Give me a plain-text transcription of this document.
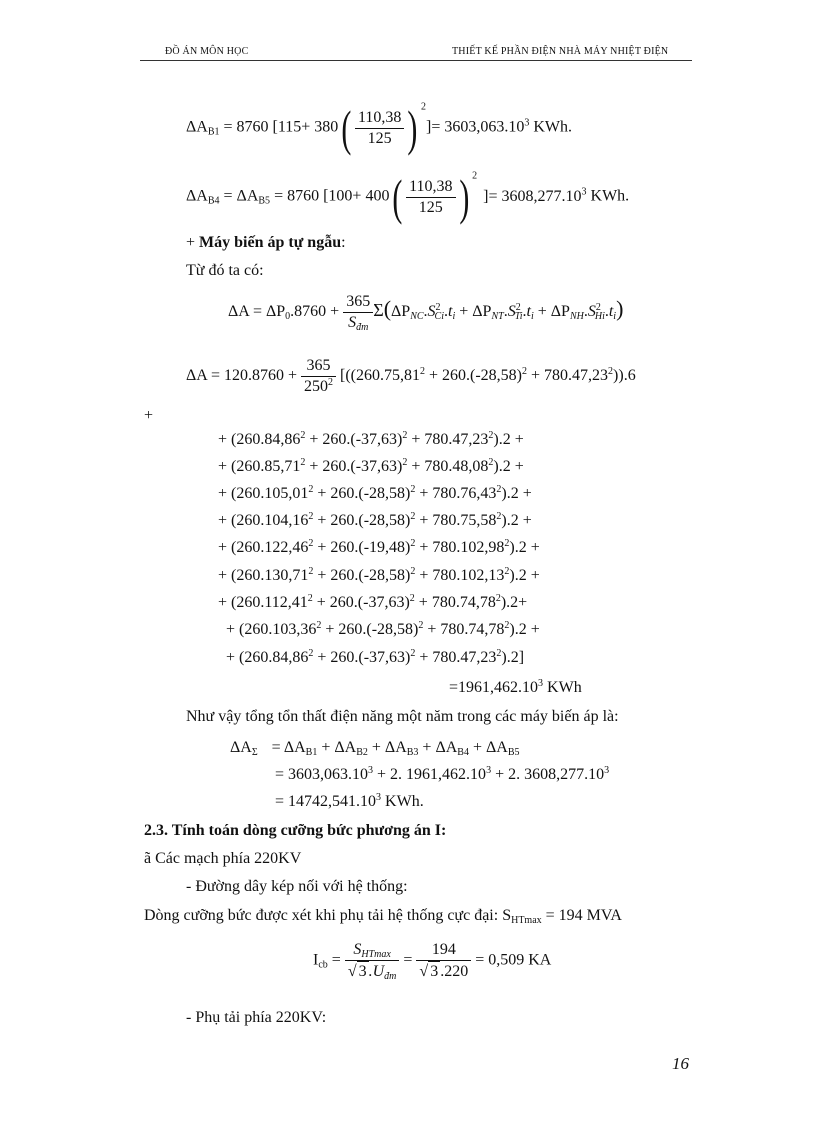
ĐỒ ÁN MÔN HỌC	THIẾT KẾ PHẦN ĐIỆN NHÀ MÁY NHIỆT ĐIỆN
$\Delta A_{B1} = 8760$ [$115+ 380( \frac{110,38}{125}$ ) $^2]= 3603,063.10^3$ KWh.
$\Delta A_{B4} = \Delta A_{B5} = 8760$ [$100+ 400( \frac{110,38}{125}$ ) $^2]= 3608,277.10^3$ KWh.
+ Máy biến áp tự ngẫu:
Từ đó ta có:
$\Delta A = \Delta P_0.8760 + \frac{365}{S_{đm}} \Sigma(\Delta P_{NC}.S^2_{Ci}.t_i + \Delta P_{NT}.S^2_{Ti}.t_i + \Delta P_{NH}.S^2_{Hi}.t_i)$
$\Delta A = 120.8760 + \frac{365}{250^2} [((260.75,81^2 + 260.(-28,58)^2 + 780.47,23^2)).6$
+
+ $(260.84,86^2 + 260.(-37,63)^2 + 780.47,23^2).2$ +
+ $(260.85,71^2 + 260.(-37,63)^2 + 780.48,08^2).2$ +
+ $(260.105,01^2 + 260.(-28,58)^2 + 780.76,43^2).2$ +
+ $(260.104,16^2 + 260.(-28,58)^2 + 780.75,58^2).2$ +
+ $(260.122,46^2 + 260.(-19,48)^2 + 780.102,98^2).2$ +
+ $(260.130,71^2 + 260.(-28,58)^2 + 780.102,13^2).2$ +
+ $(260.112,41^2 + 260.(-37,63)^2 + 780.74,78^2).2+$
+ $(260.103,36^2 + 260.(-28,58)^2 + 780.74,78^2).2$ +
+ $(260.84,86^2 + 260.(-37,63)^2 + 780.47,23^2).2$]
$=1961,462.10^3$ KWh
Như vậy tổng tổn thất điện năng một năm trong các máy biến áp là:
$\Delta A_\Sigma = \Delta A_{B1} + \Delta A_{B2} + \Delta A_{B3} + \Delta A_{B4} + \Delta A_{B5}$
= $3603,063.10^3 + 2$. $1961,462.10^3 + 2$. $3608,277.10^3$
= $14742,541.10^3$ KWh.
2.3. Tính toán dòng cưỡng bức phương án I:
ã Các mạch phía 220KV
- Đường dây kép nối với hệ thống:
Dòng cưỡng bức được xét khi phụ tải hệ thống cực đại: $S_{HTmax} = 194$ MVA
$I_{cb} = \frac{S_{HTmax}}{√ 3 .U_{đm}} = \frac{194}{√ 3 .220} = 0,509$ KA
- Phụ tải phía 220KV:
16
